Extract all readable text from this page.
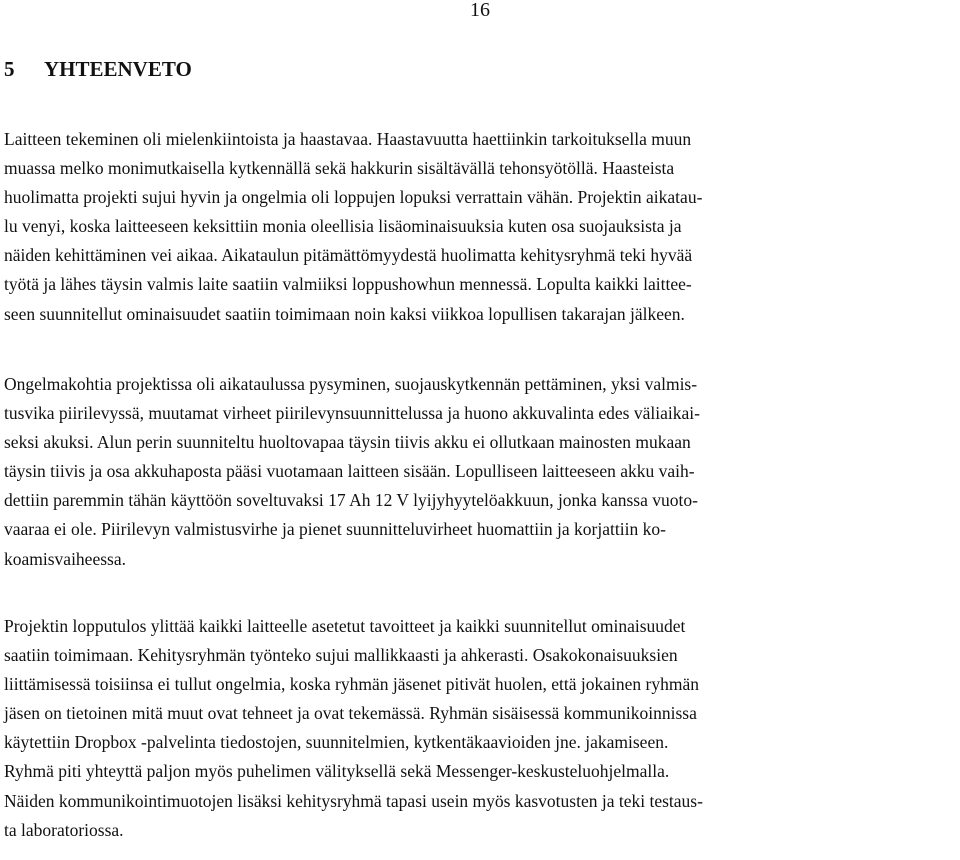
16
5 YHTEENVETO
Laitteen tekeminen oli mielenkiintoista ja haastavaa. Haastavuutta haettiinkin tarkoituksella muun
muassa melko monimutkaisella kytkennällä sekä hakkurin sisältävällä tehonsyötöllä. Haasteista
huolimatta projekti sujui hyvin ja ongelmia oli loppujen lopuksi verrattain vähän. Projektin aikatau-
lu venyi, koska laitteeseen keksittiin monia oleellisia lisäominaisuuksia kuten osa suojauksista ja
näiden kehittäminen vei aikaa. Aikataulun pitämättömyydestä huolimatta kehitysryhmä teki hyvää
työtä ja lähes täysin valmis laite saatiin valmiiksi loppushowhun mennessä. Lopulta kaikki laittee-
seen suunnitellut ominaisuudet saatiin toimimaan noin kaksi viikkoa lopullisen takarajan jälkeen.
Ongelmakohtia projektissa oli aikataulussa pysyminen, suojauskytkennän pettäminen, yksi valmis-
tusvika piirilevyssä, muutamat virheet piirilevynsuunnittelussa ja huono akkuvalinta edes väliaikai-
seksi akuksi. Alun perin suunniteltu huoltovapaa täysin tiivis akku ei ollutkaan mainosten mukaan
täysin tiivis ja osa akkuhaposta pääsi vuotamaan laitteen sisään. Lopulliseen laitteeseen akku vaih-
dettiin paremmin tähän käyttöön soveltuvaksi 17 Ah 12 V lyijyhyytelöakkuun, jonka kanssa vuoto-
vaaraa ei ole. Piirilevyn valmistusvirhe ja pienet suunnitteluvirheet huomattiin ja korjattiin ko-
koamisvaiheessa.
Projektin lopputulos ylittää kaikki laitteelle asetetut tavoitteet ja kaikki suunnitellut ominaisuudet
saatiin toimimaan. Kehitysryhmän työnteko sujui mallikkaasti ja ahkerasti. Osakokonaisuuksien
liittämisessä toisiinsa ei tullut ongelmia, koska ryhmän jäsenet pitivät huolen, että jokainen ryhmän
jäsen on tietoinen mitä muut ovat tehneet ja ovat tekemässä. Ryhmän sisäisessä kommunikoinnissa
käytettiin Dropbox -palvelinta tiedostojen, suunnitelmien, kytkentäkaavioiden jne. jakamiseen.
Ryhmä piti yhteyttä paljon myös puhelimen välityksellä sekä Messenger-keskusteluohjelmalla.
Näiden kommunikointimuotojen lisäksi kehitysryhmä tapasi usein myös kasvotusten ja teki testaus-
ta laboratoriossa.
